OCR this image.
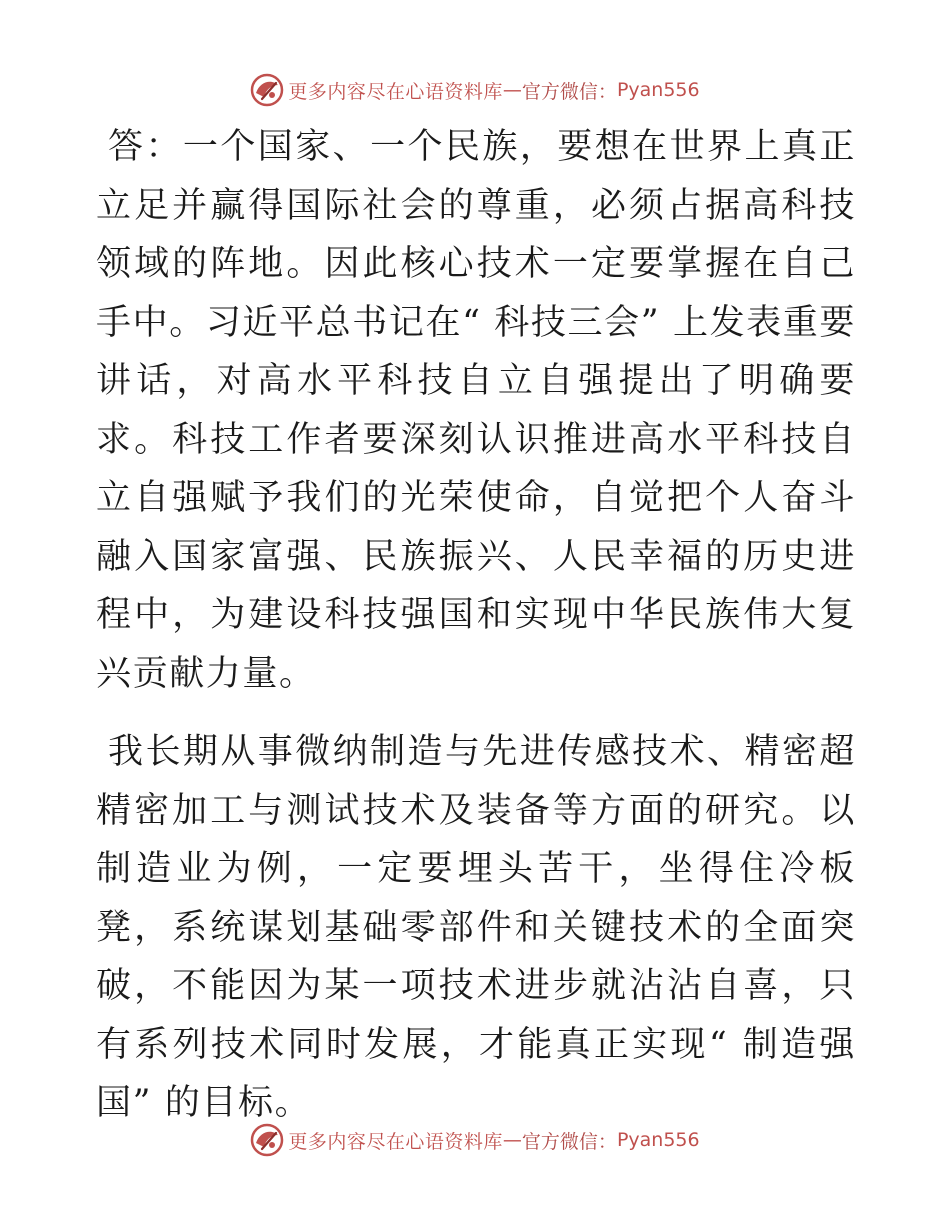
更多内容尽在心语资料库 — 官方微信： Pyan556

答：一个国家、一个民族，要想在世界上真正立足并赢得国际社会的尊重，必须占据高科技领域的阵地。因此核心技术一定要掌握在自己手中。习近平总书记在“ 科技三会” 上发表重要讲话，对高水平科技自立自强提出了明确要求。科技工作者要深刻认识推进高水平科技自立自强赋予我们的光荣使命，自觉把个人奋斗融入国家富强、民族振兴、人民幸福的历史进程中，为建设科技强国和实现中华民族伟大复兴贡献力量。

我长期从事微纳制造与先进传感技术、精密超精密加工与测试技术及装备等方面的研究。以制造业为例，一定要埋头苦干，坐得住冷板凳，系统谋划基础零部件和关键技术的全面突破，不能因为某一项技术进步就沾沾自喜，只有系列技术同时发展，才能真正实现“ 制造强国” 的目标。

更多内容尽在心语资料库 — 官方微信： Pyan556
